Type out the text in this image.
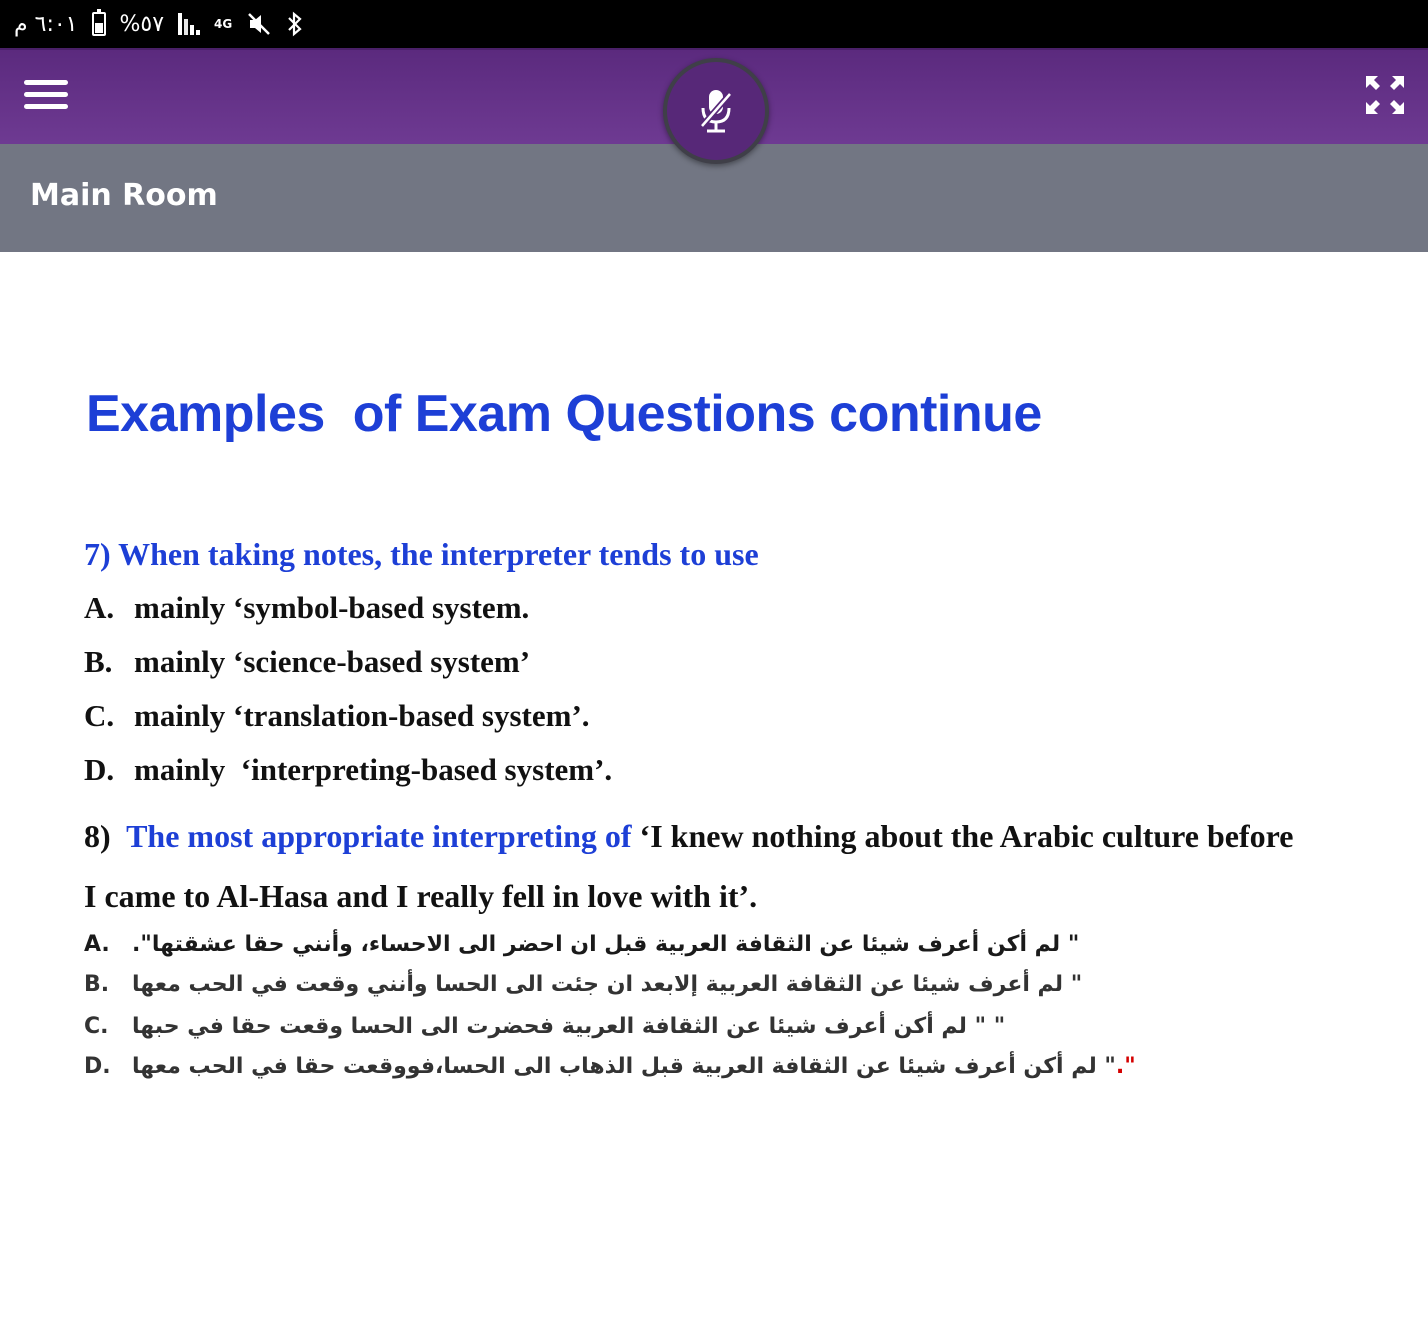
٦:٠١ م %٥٧	4G
Main Room
Examples  of Exam Questions continue
7) When taking notes, the interpreter tends to use
A. mainly ‘symbol-based system.
B. mainly ‘science-based system’
C. mainly ‘translation-based system’.
D. mainly  ‘interpreting-based system’.
8) The most appropriate interpreting of ‘I knew nothing about the Arabic culture before
I came to Al-Hasa and I really fell in love with it’.
A. " لم أكن أعرف شيئا عن الثقافة العربية قبل ان احضر الى الاحساء، وأنني حقا عشقتها".
B. " لم أعرف شيئا عن الثقافة العربية إلابعد ان جئت الى الحسا وأنني وقعت في الحب معها
C. " " لم أكن أعرف شيئا عن الثقافة العربية فحضرت الى الحسا وقعت حقا في حبها
D. " لم أكن أعرف شيئا عن الثقافة العربية قبل الذهاب الى الحسا،فووقعت حقا في الحب معها."
